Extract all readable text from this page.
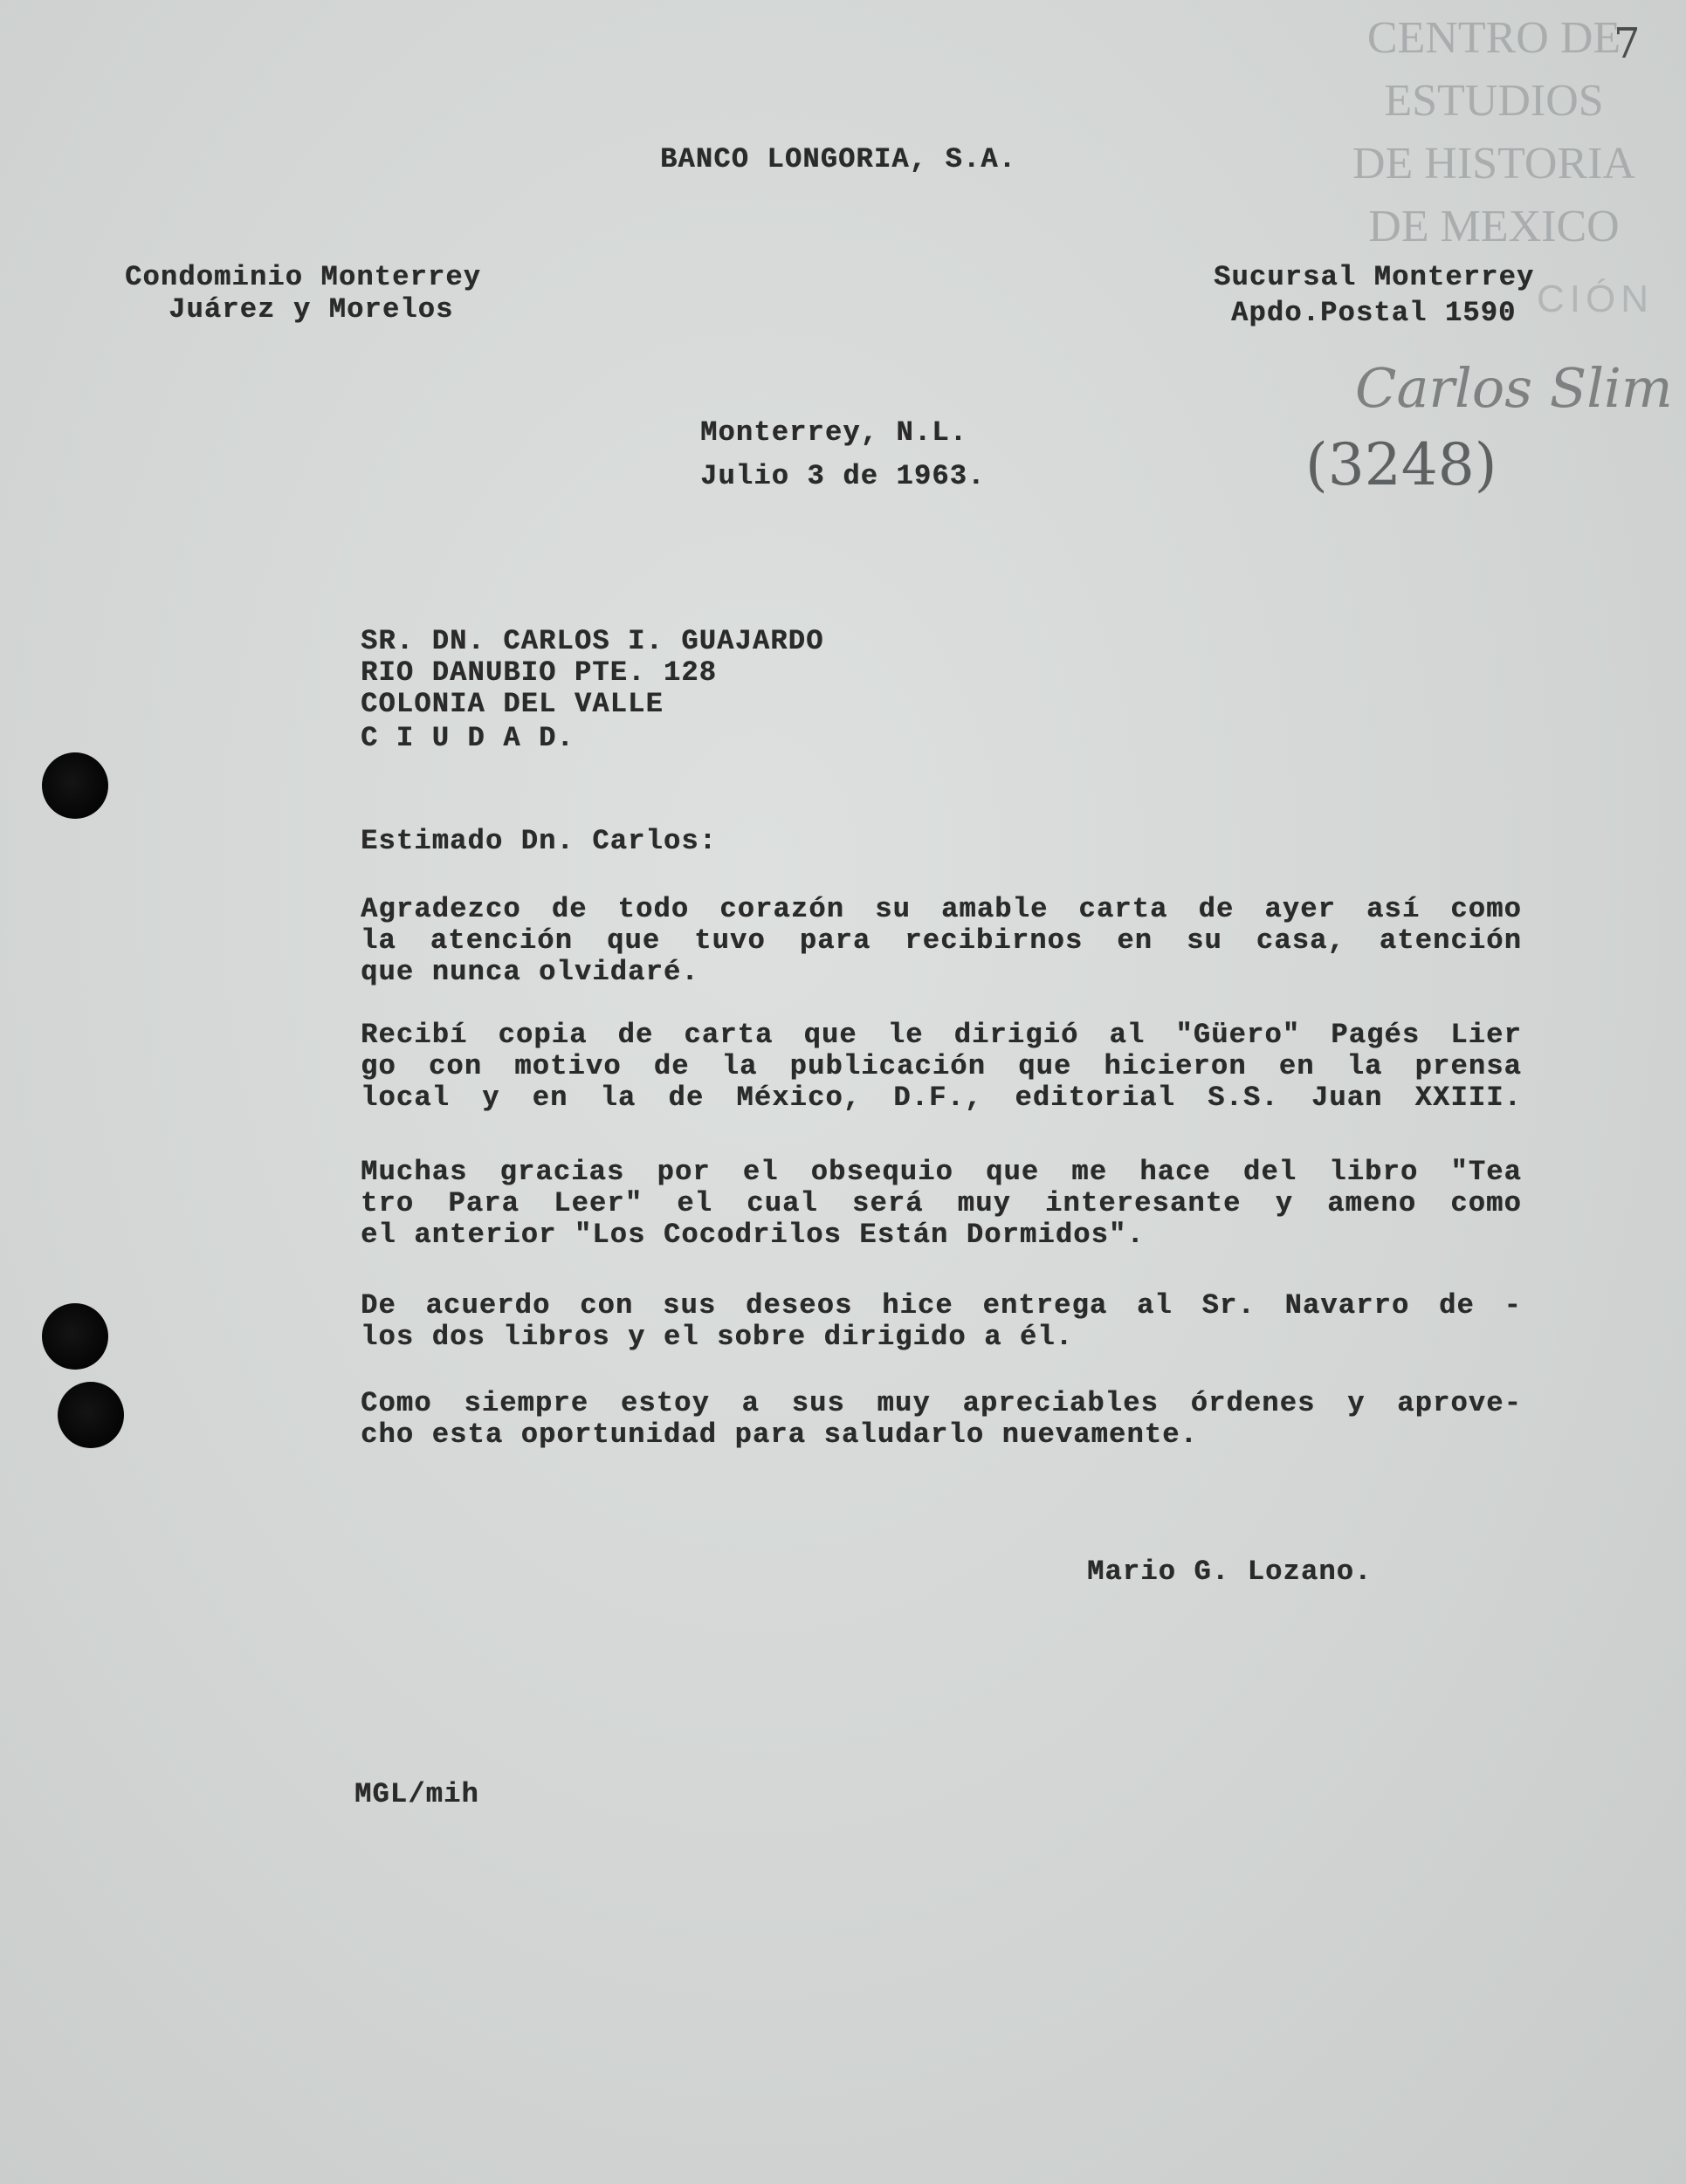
CENTRO DE
ESTUDIOS
DE HISTORIA
DE MEXICO
CIÓN
7
Carlos Slim
(3248)
BANCO LONGORIA, S.A.
Condominio Monterrey
Juárez y Morelos
Sucursal Monterrey
Apdo.Postal 1590
Monterrey, N.L.
Julio 3 de 1963.
SR. DN. CARLOS I. GUAJARDO
RIO DANUBIO PTE. 128
COLONIA DEL VALLE
C I U D A D.
Estimado Dn. Carlos:
Agradezco de todo corazón su amable carta de ayer así como
la atención que tuvo para recibirnos en su casa, atención
que nunca olvidaré.
Recibí copia de carta que le dirigió al "Güero" Pagés Lier
go con motivo de la publicación que hicieron en la prensa
local y en la de México, D.F., editorial S.S. Juan XXIII.
Muchas gracias por el obsequio que me hace del libro "Tea
tro Para Leer" el cual será muy interesante y ameno como
el anterior "Los Cocodrilos Están Dormidos".
De acuerdo con sus deseos hice entrega al Sr. Navarro de -
los dos libros y el sobre dirigido a él.
Como siempre estoy a sus muy apreciables órdenes y aprove-
cho esta oportunidad para saludarlo nuevamente.
Mario G. Lozano.
MGL/mih
